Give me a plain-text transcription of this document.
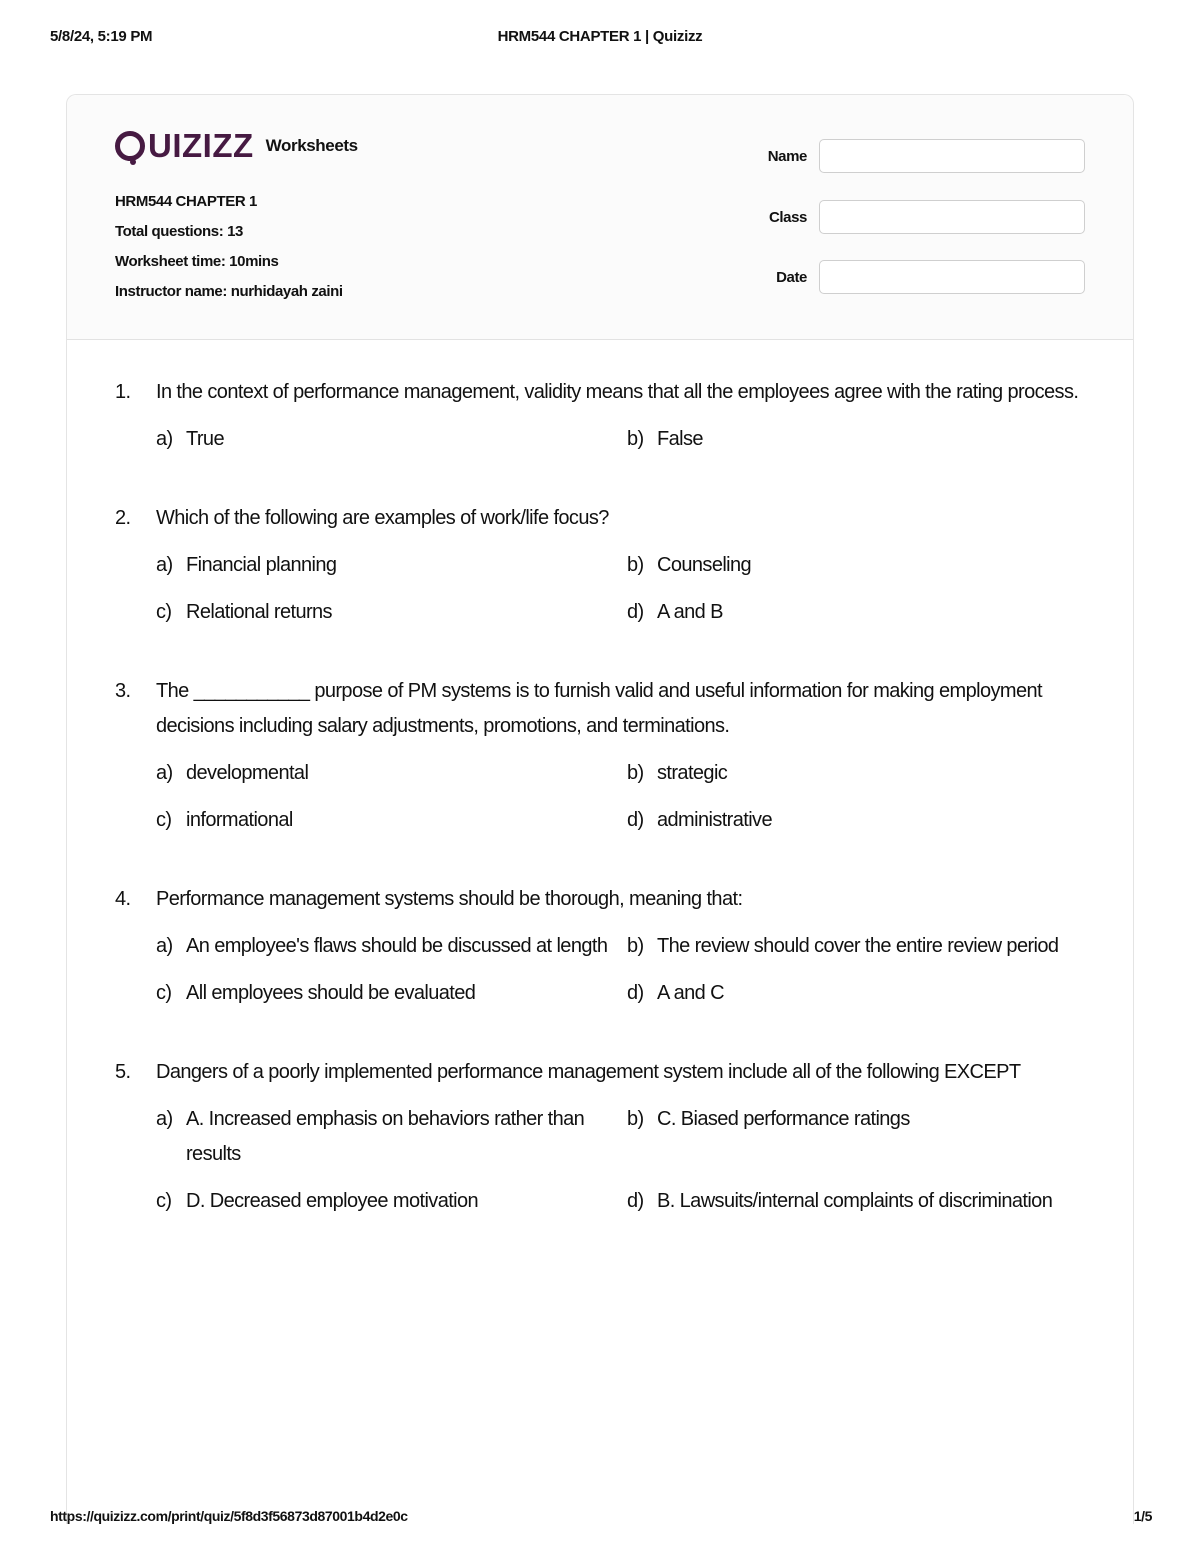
5/8/24, 5:19 PM	HRM544 CHAPTER 1 | Quizizz
UIZIZZ Worksheets
HRM544 CHAPTER 1
Total questions: 13
Worksheet time: 10mins
Instructor name: nurhidayah zaini
Name
Class
Date
1.	In the context of performance management, validity means that all the employees agree with the rating process.
a) True	b) False
2.	Which of the following are examples of work/life focus?
a) Financial planning	b) Counseling
c) Relational returns	d) A and B
3.	The ___________ purpose of PM systems is to furnish valid and useful information for making employment decisions including salary adjustments, promotions, and terminations.
a) developmental	b) strategic
c) informational	d) administrative
4.	Performance management systems should be thorough, meaning that:
a) An employee's flaws should be discussed at length b) The review should cover the entire review period
c) All employees should be evaluated	d) A and C
5.	Dangers of a poorly implemented performance management system include all of the following EXCEPT
a) A. Increased emphasis on behaviors rather than results
b) C. Biased performance ratings
c) D. Decreased employee motivation	d) B. Lawsuits/internal complaints of discrimination
https://quizizz.com/print/quiz/5f8d3f56873d87001b4d2e0c	1/5
